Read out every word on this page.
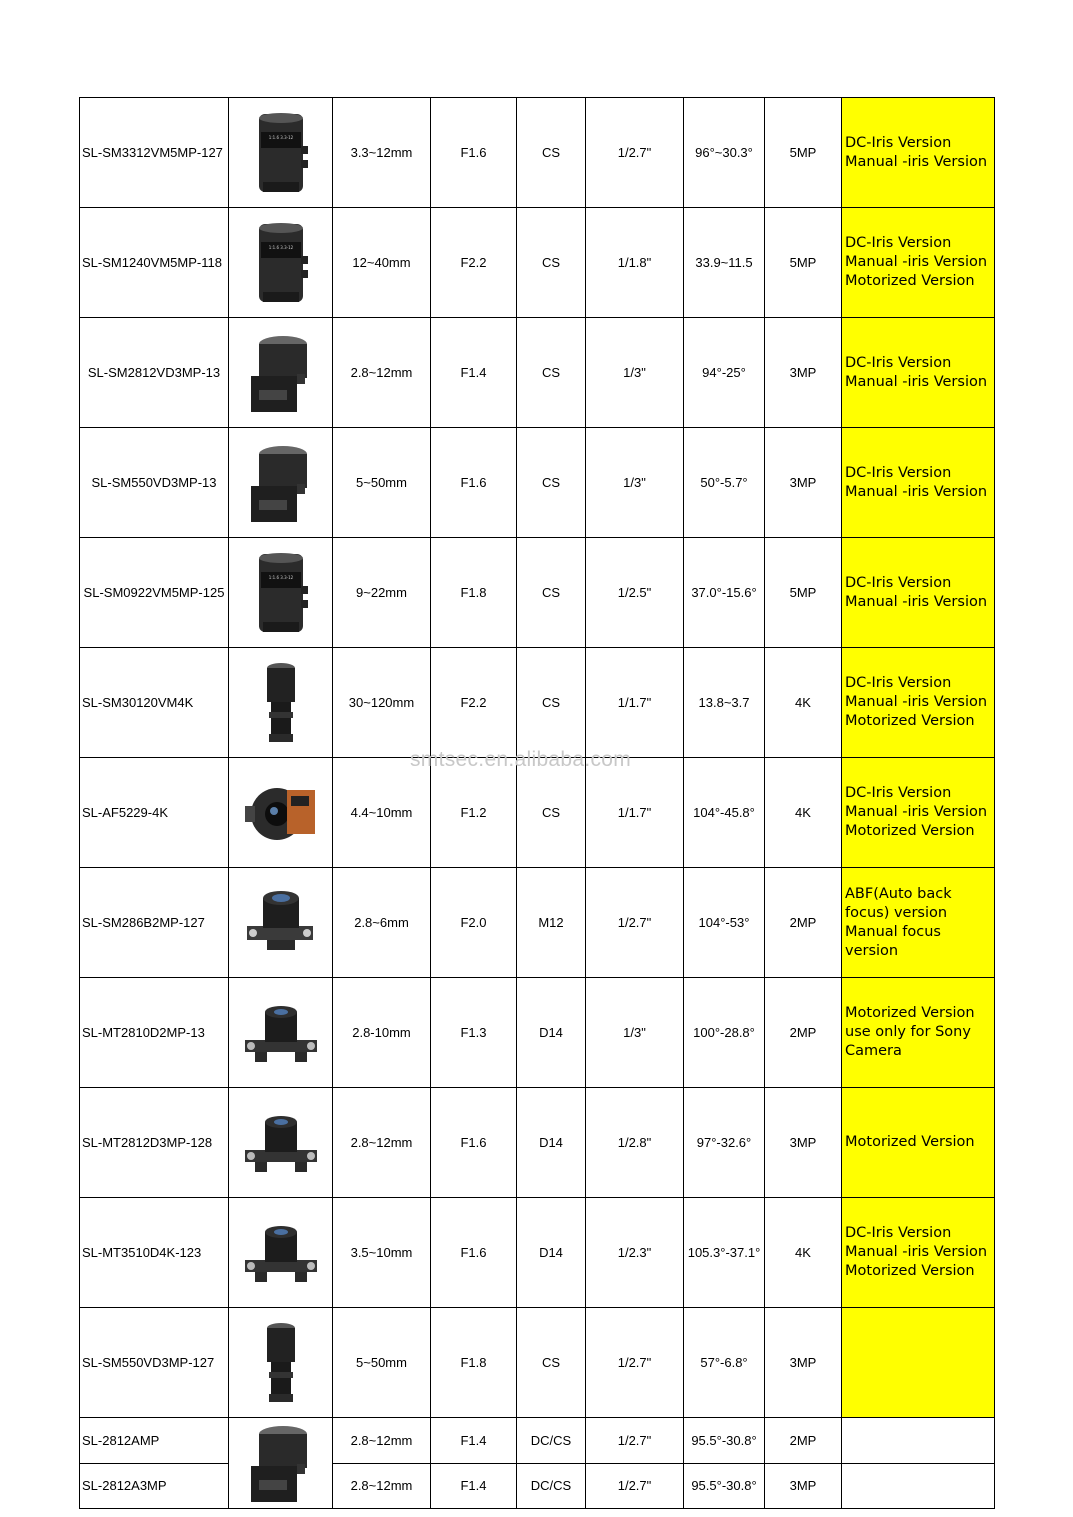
SL-SM3312VM5MP-127	1:1.6 3.3-12	3.3~12mm	F1.6	CS	1/2.7"	96°~30.3°	5MP	DC-Iris Version
Manual -iris Version

SL-SM1240VM5MP-118	1:1.6 3.3-12	12~40mm	F2.2	CS	1/1.8"	33.9~11.5	5MP	DC-Iris Version
Manual -iris Version
Motorized Version

SL-SM2812VD3MP-13		2.8~12mm	F1.4	CS	1/3"	94°-25°	3MP	DC-Iris Version
Manual -iris Version

SL-SM550VD3MP-13		5~50mm	F1.6	CS	1/3"	50°-5.7°	3MP	DC-Iris Version
Manual -iris Version

SL-SM0922VM5MP-125	1:1.6 3.3-12	9~22mm	F1.8	CS	1/2.5"	37.0°-15.6°	5MP	DC-Iris Version
Manual -iris Version

SL-SM30120VM4K		30~120mm	F2.2	CS	1/1.7"	13.8~3.7	4K	DC-Iris Version
Manual -iris Version
Motorized Version

SL-AF5229-4K		4.4~10mm	F1.2	CS	1/1.7"	104°-45.8°	4K	DC-Iris Version
Manual -iris Version
Motorized Version

SL-SM286B2MP-127		2.8~6mm	F2.0	M12	1/2.7"	104°-53°	2MP	ABF(Auto back
focus) version
Manual focus
version

SL-MT2810D2MP-13		2.8-10mm	F1.3	D14	1/3"	100°-28.8°	2MP	Motorized Version
use only for Sony
Camera

SL-MT2812D3MP-128		2.8~12mm	F1.6	D14	1/2.8"	97°-32.6°	3MP	Motorized Version

SL-MT3510D4K-123		3.5~10mm	F1.6	D14	1/2.3"	105.3°-37.1°	4K	DC-Iris Version
Manual -iris Version
Motorized Version

SL-SM550VD3MP-127		5~50mm	F1.8	CS	1/2.7"	57°-6.8°	3MP	
SL-2812AMP		2.8~12mm	F1.4	DC/CS	1/2.7"	95.5°-30.8°	2MP	
SL-2812A3MP		2.8~12mm	F1.4	DC/CS	1/2.7"	95.5°-30.8°	3MP	
smtsec.en.alibaba.com
